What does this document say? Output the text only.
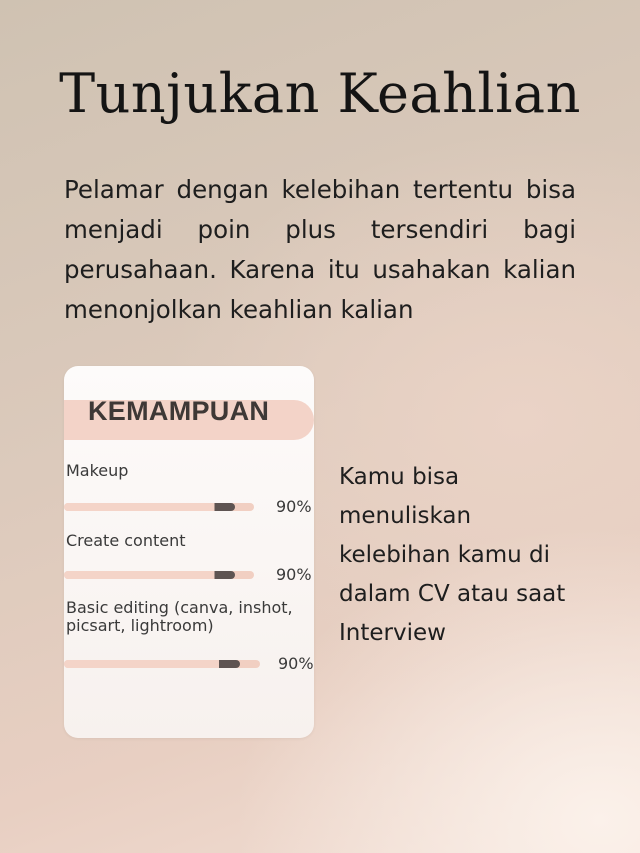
Tunjukan Keahlian

Pelamar dengan kelebihan tertentu bisa menjadi poin plus tersendiri bagi perusahaan. Karena itu usahakan kalian menonjolkan keahlian kalian

KEMAMPUAN
Makeup
90%
Create content
90%
Basic editing (canva, inshot, picsart, lightroom)
90%

Kamu bisa menuliskan kelebihan kamu di dalam CV atau saat Interview
